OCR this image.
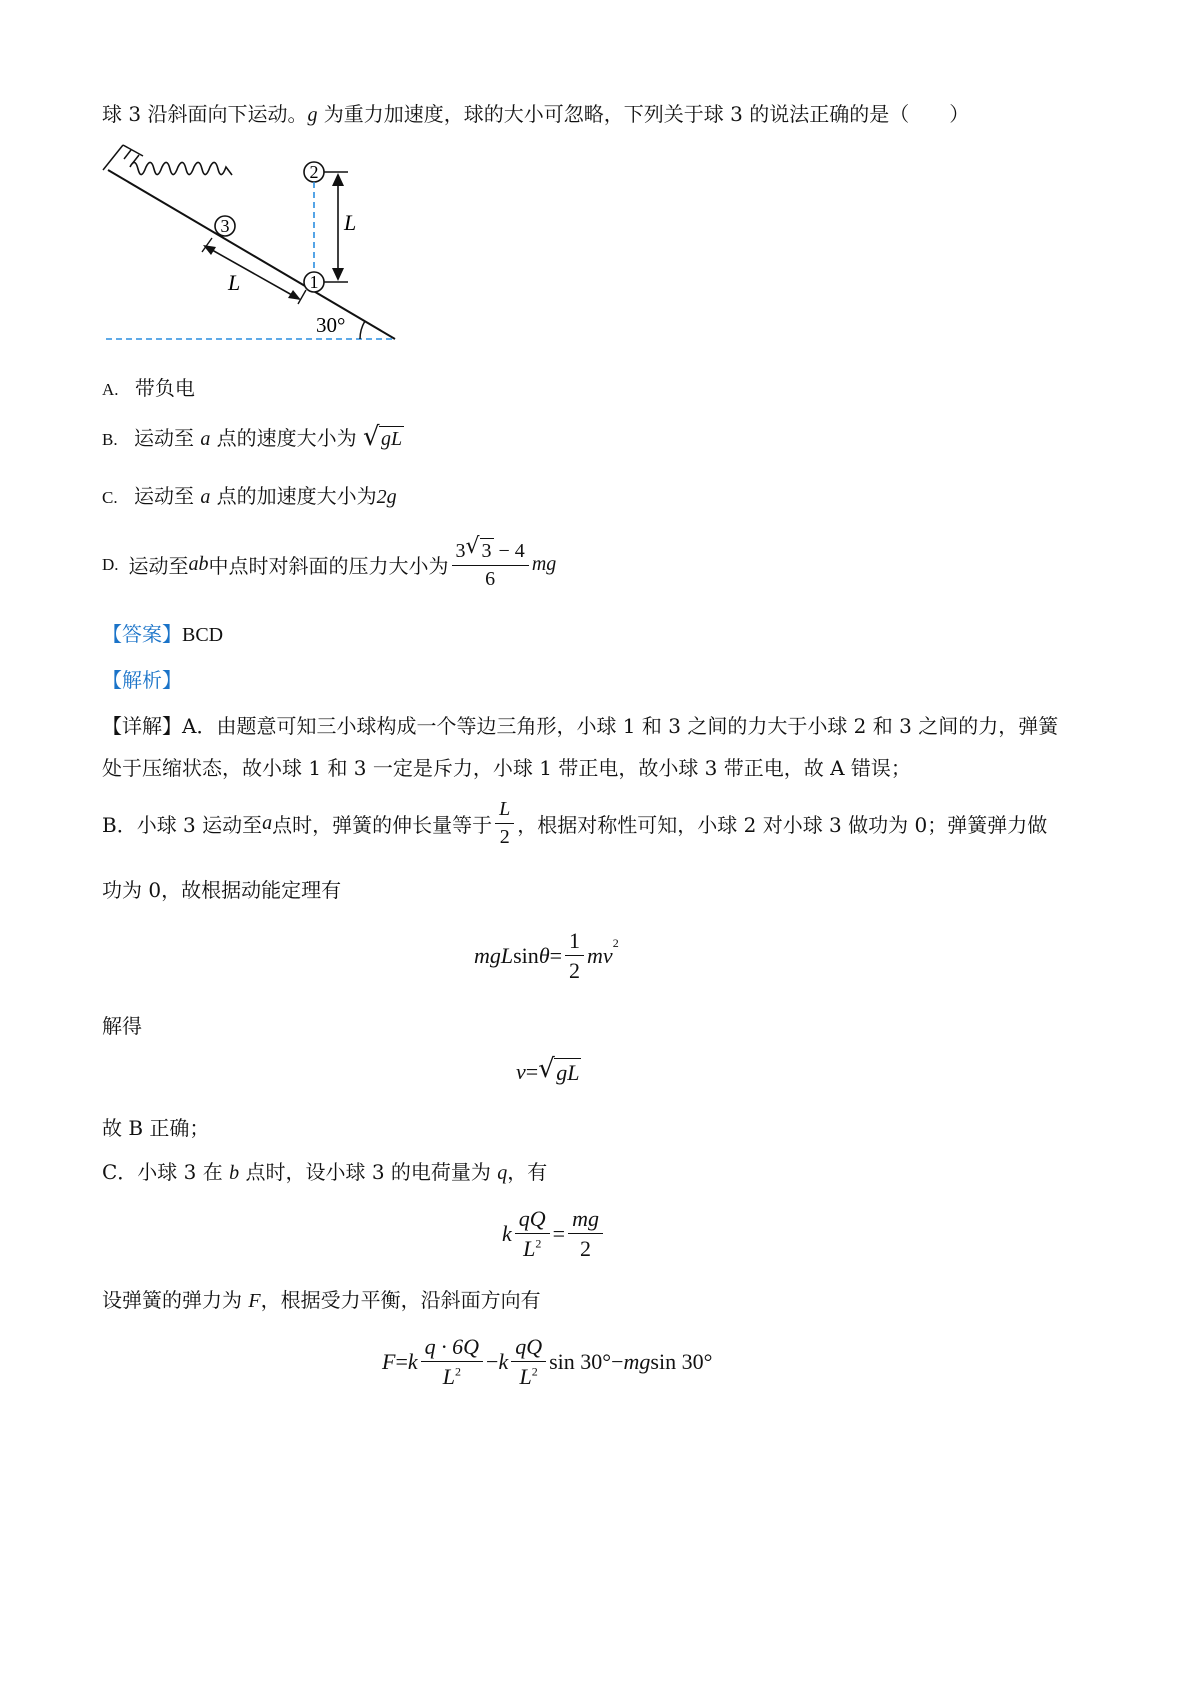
球 3 沿斜面向下运动。g 为重力加速度，球的大小可忽略，下列关于球 3 的说法正确的是（　　）
3
1
2
L
L
30°
A. 带负电
B. 运动至 a 点的速度大小为 √ gL
C. 运动至 a 点的加速度大小为2g
D. 运动至 ab 中点时对斜面的压力大小为 $\frac{3 √ 3 - 4}{6}$ mg
【答案】BCD
【解析】
【详解】A．由题意可知三小球构成一个等边三角形，小球 1 和 3 之间的力大于小球 2 和 3 之间的力，弹簧
处于压缩状态，故小球 1 和 3 一定是斥力，小球 1 带正电，故小球 3 带正电，故 A 错误；
B．小球 3 运动至 a 点时，弹簧的伸长量等于 $\frac{L}{2}$ ，根据对称性可知，小球 2 对小球 3 做功为 0；弹簧弹力做
功为 0，故根据动能定理有
mgL $\sin \theta = \frac{1}{2} mv^2$
解得
v = √ gL
故 B 正确；
C．小球 3 在 b 点时，设小球 3 的电荷量为 q，有
k $\frac{qQ}{L^2} = \frac{mg}{2}$
设弹簧的弹力为 F，根据受力平衡，沿斜面方向有
F = k $\frac{q \cdot 6Q}{L^2} - k \frac{qQ}{L^2}$ sin 30° − mg sin 30°
